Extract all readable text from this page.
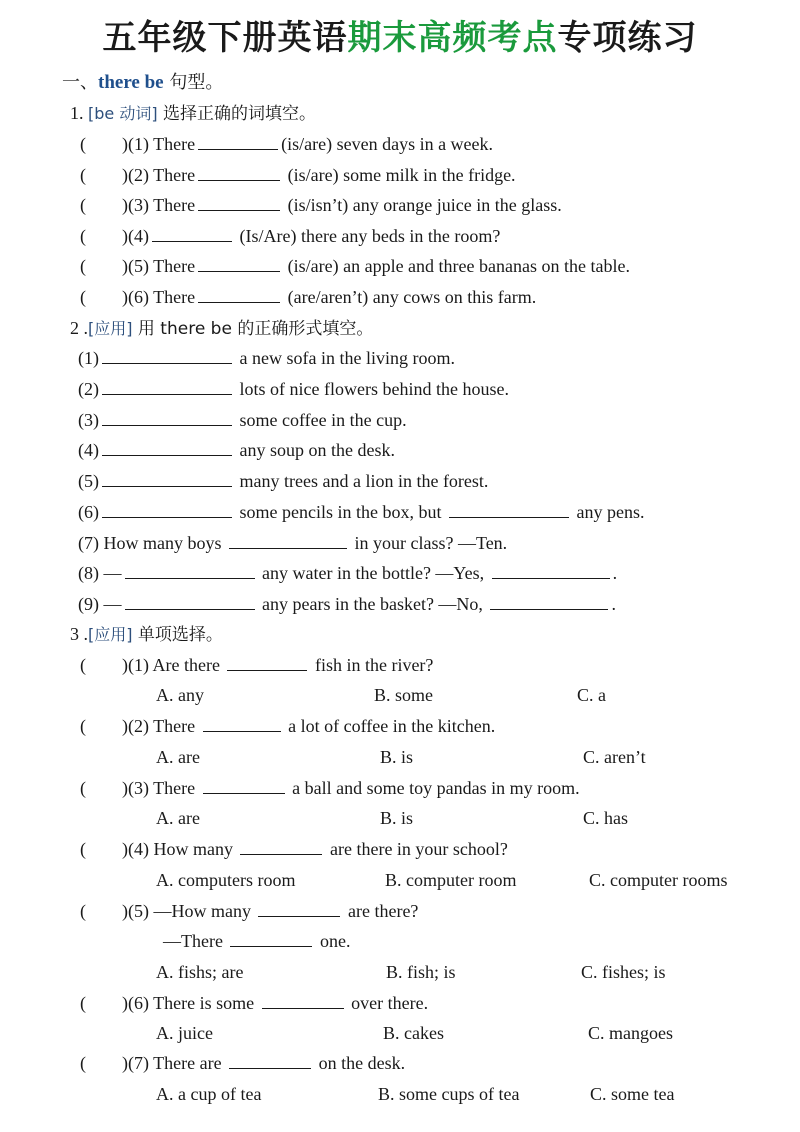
五年级下册英语期末高频考点专项练习
一、there be 句型。
1. [be 动词] 选择正确的词填空。
( )(1) There	(is/are) seven days in a week.
( )(2) There	(is/are) some milk in the fridge.
( )(3) There	(is/isn’t) any orange juice in the glass.
( )(4)	(Is/Are) there any beds in the room?
( )(5) There	(is/are) an apple and three bananas on the table.
( )(6) There	(are/aren’t) any cows on this farm.
2 .[应用] 用 there be 的正确形式填空。
(1)	a new sofa in the living room.
(2)	lots of nice flowers behind the house.
(3)	some coffee in the cup.
(4)	any soup on the desk.
(5)	many trees and a lion in the forest.
(6)	some pencils in the box, but	any pens.
(7) How many boys	in your class? —Ten.
(8) —	any water in the bottle? —Yes,	.
(9) —	any pears in the basket? —No,	.
3 .[应用] 单项选择。
( )(1) Are there	fish in the river?
A. any	B. some	C. a
( )(2) There	a lot of coffee in the kitchen.
A. are	B. is	C. aren’t
( )(3) There	a ball and some toy pandas in my room.
A. are	B. is	C. has
( )(4) How many	are there in your school?
A. computers room	B. computer room	C. computer rooms
( )(5) —How many	are there?
—There	one.
A. fishs; are	B. fish; is	C. fishes; is
( )(6) There is some	over there.
A. juice	B. cakes	C. mangoes
( )(7) There are	on the desk.
A. a cup of tea	B. some cups of tea	C. some tea
